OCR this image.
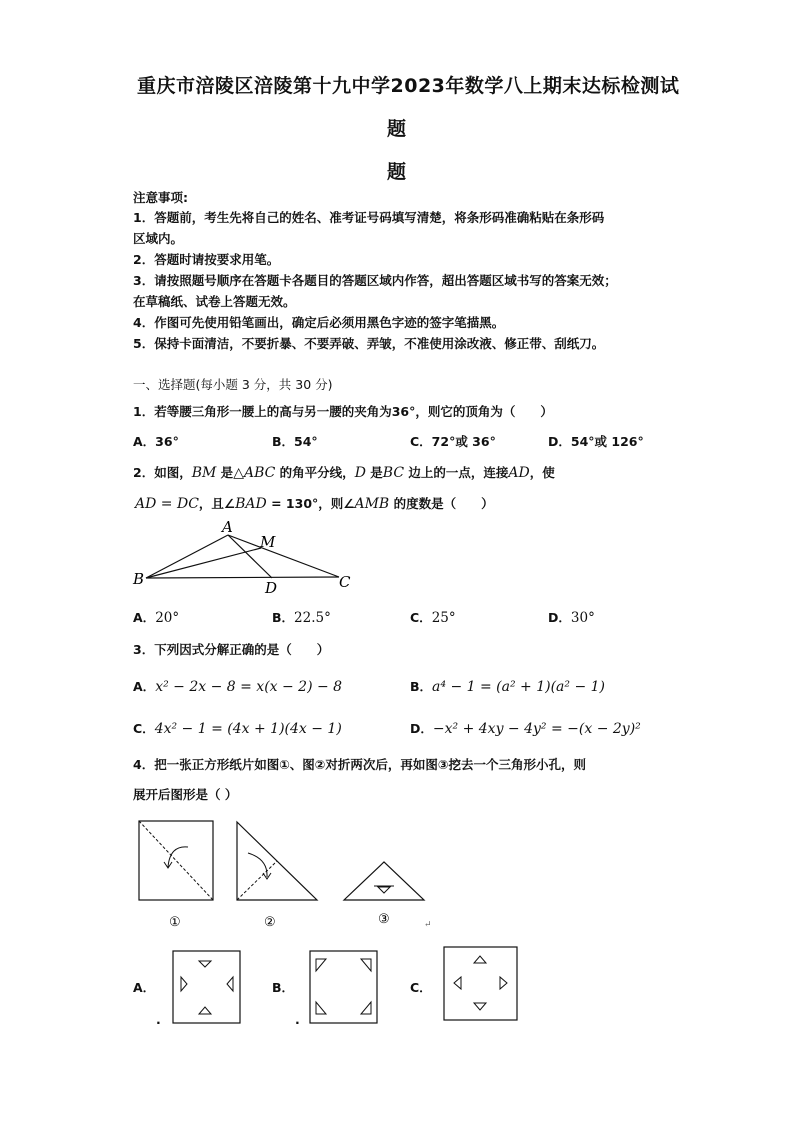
重庆市涪陵区涪陵第十九中学2023年数学八上期末达标检测试
题
题
注意事项:
1．答题前，考生先将自己的姓名、准考证号码填写清楚，将条形码准确粘贴在条形码
区域内。
2．答题时请按要求用笔。
3．请按照题号顺序在答题卡各题目的答题区域内作答，超出答题区域书写的答案无效；
在草稿纸、试卷上答题无效。
4．作图可先使用铅笔画出，确定后必须用黑色字迹的签字笔描黑。
5．保持卡面清洁，不要折暴、不要弄破、弄皱，不准使用涂改液、修正带、刮纸刀。
一、选择题(每小题 3 分，共 30 分)
1．若等腰三角形一腰上的高与另一腰的夹角为36°，则它的顶角为（　　）
A．36°	B．54°	C．72°或 36°	D．54°或 126°
2．如图，BM 是△ABC 的角平分线，D 是BC 边上的一点，连接AD，使
AD = DC，且∠BAD = 130°，则∠AMB 的度数是（　　）
A
M
B	D	C
A．20°	B．22.5°	C．25°	D．30°
3．下列因式分解正确的是（　　）
A．x² − 2x − 8 = x(x − 2) − 8	B．a⁴ − 1 = (a² + 1)(a² − 1)
C．4x² − 1 = (4x + 1)(4x − 1)	D．−x² + 4xy − 4y² = −(x − 2y)²
4．把一张正方形纸片如图①、图②对折两次后，再如图③挖去一个三角形小孔，则
展开后图形是（ ）
①	②	③	↵
A．
.
B．
.
C．
